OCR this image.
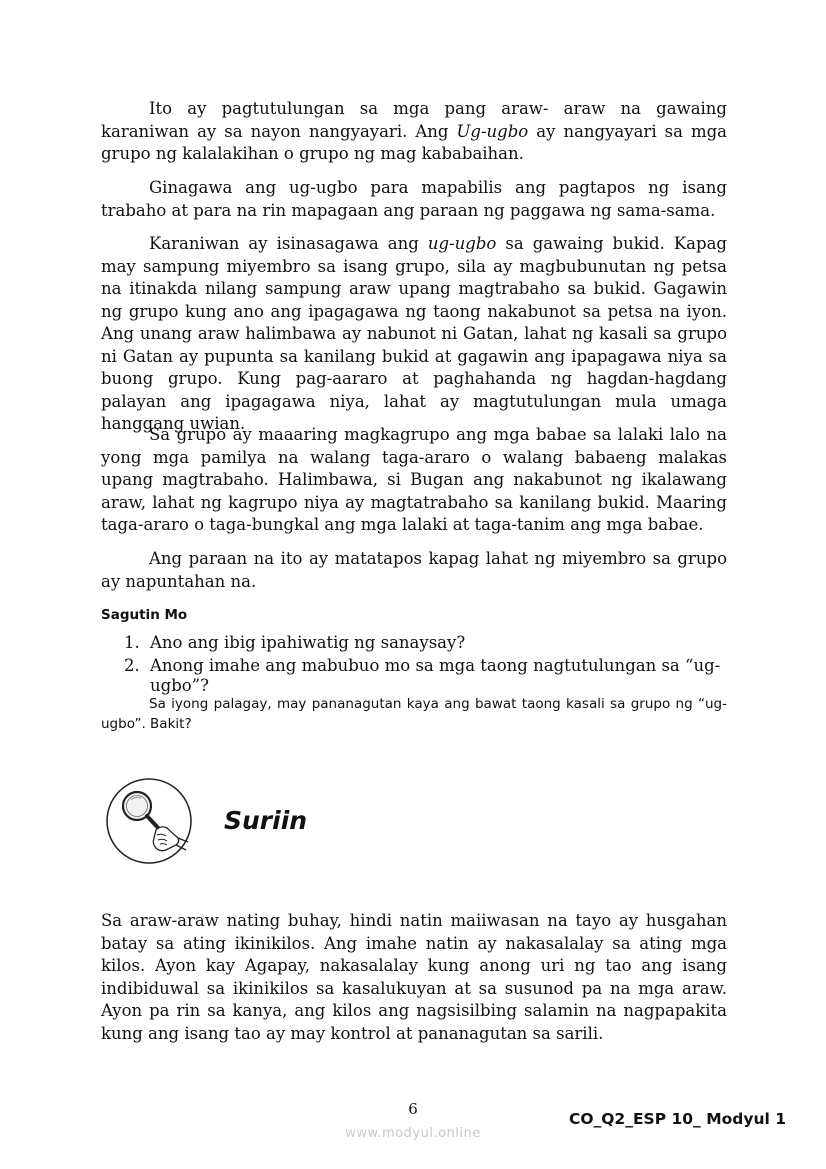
Ito ay pagtutulungan sa mga pang araw- araw na gawaing karaniwan ay sa nayon nangyayari. Ang Ug-ugbo ay nangyayari sa mga grupo ng kalalakihan o grupo ng mag kababaihan.

Ginagawa ang ug-ugbo para mapabilis ang pagtapos ng isang trabaho at para na rin mapagaan ang paraan ng paggawa ng sama-sama.

Karaniwan ay isinasagawa ang ug-ugbo sa gawaing bukid. Kapag may sampung miyembro sa isang grupo, sila ay magbubunutan ng petsa na itinakda nilang sampung araw upang magtrabaho sa bukid. Gagawin ng grupo kung ano ang ipagagawa ng taong nakabunot sa petsa na iyon. Ang unang araw halimbawa ay nabunot ni Gatan, lahat ng kasali sa grupo ni Gatan ay pupunta sa kanilang bukid at gagawin ang ipapagawa niya sa buong grupo. Kung pag-aararo at paghahanda ng hagdan-hagdang palayan ang ipagagawa niya, lahat ay magtutulungan mula umaga hanggang uwian.

Sa grupo ay maaaring magkagrupo ang mga babae sa lalaki lalo na yong mga pamilya na walang taga-araro o walang babaeng malakas upang magtrabaho. Halimbawa, si Bugan ang nakabunot ng ikalawang araw, lahat ng kagrupo niya ay magtatrabaho sa kanilang bukid. Maaring taga-araro o taga-bungkal ang mga lalaki at taga-tanim ang mga babae.

Ang paraan na ito ay matatapos kapag lahat ng miyembro sa grupo ay napuntahan na.

Sagutin Mo
1. Ano ang ibig ipahiwatig ng sanaysay?
2. Anong imahe ang mabubuo mo sa mga taong nagtutulungan sa “ug-ugbo”?

Sa iyong palagay, may pananagutan kaya ang bawat taong kasali sa grupo ng “ug-ugbo”. Bakit?

Suriin

Sa araw-araw nating buhay, hindi natin maiiwasan na tayo ay husgahan batay sa ating ikinikilos. Ang imahe natin ay nakasalalay sa ating mga kilos. Ayon kay Agapay, nakasalalay kung anong uri ng tao ang isang indibiduwal sa ikinikilos sa kasalukuyan at sa susunod pa na mga araw. Ayon pa rin sa kanya, ang kilos ang nagsisilbing salamin na nagpapakita kung ang isang tao ay may kontrol at pananagutan sa sarili.

6
CO_Q2_ESP 10_ Modyul 1
www.modyul.online
